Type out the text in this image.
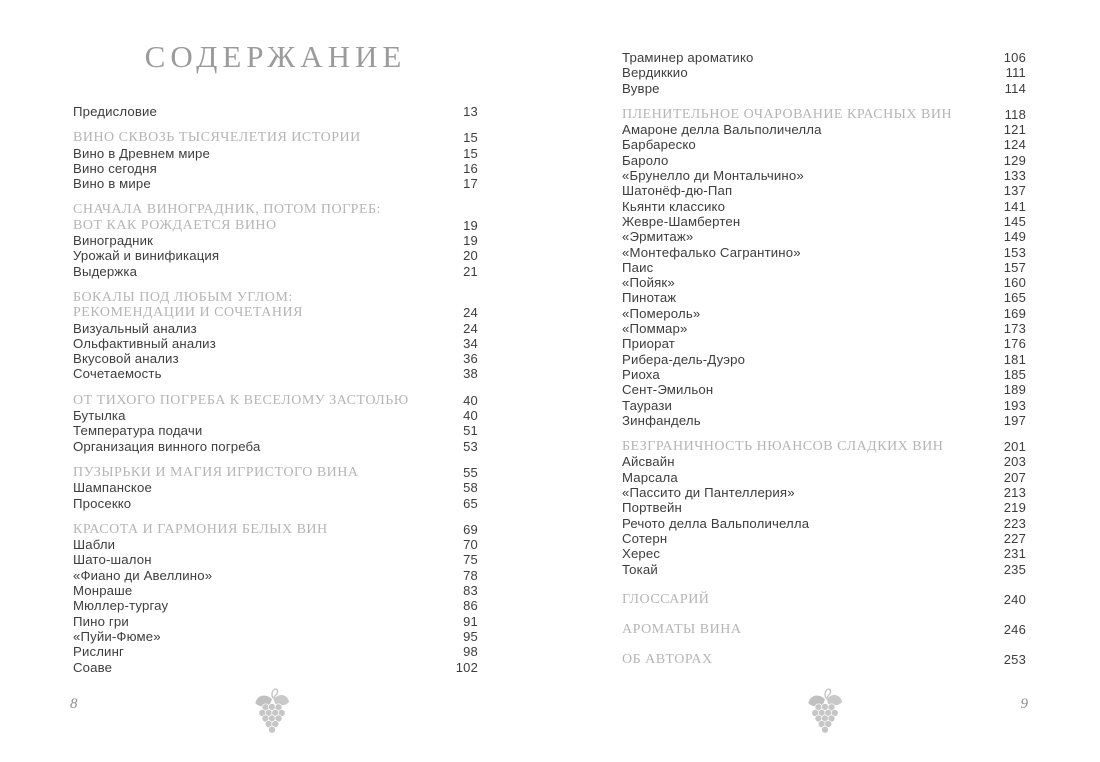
СОДЕРЖАНИЕ
Предисловие	13
ВИНО СКВОЗЬ ТЫСЯЧЕЛЕТИЯ ИСТОРИИ	15
Вино в Древнем мире	15
Вино сегодня	16
Вино в мире	17
СНАЧАЛА ВИНОГРАДНИК, ПОТОМ ПОГРЕБ:
ВОТ КАК РОЖДАЕТСЯ ВИНО	19
Виноградник	19
Урожай и винификация	20
Выдержка	21
БОКАЛЫ ПОД ЛЮБЫМ УГЛОМ:
РЕКОМЕНДАЦИИ И СОЧЕТАНИЯ	24
Визуальный анализ	24
Ольфактивный анализ	34
Вкусовой анализ	36
Сочетаемость	38
ОТ ТИХОГО ПОГРЕБА К ВЕСЕЛОМУ ЗАСТОЛЬЮ	40
Бутылка	40
Температура подачи	51
Организация винного погреба	53
ПУЗЫРЬКИ И МАГИЯ ИГРИСТОГО ВИНА	55
Шампанское	58
Просекко	65
КРАСОТА И ГАРМОНИЯ БЕЛЫХ ВИН	69
Шабли	70
Шато-шалон	75
«Фиано ди Авеллино»	78
Монраше	83
Мюллер-тургау	86
Пино гри	91
«Пуйи-Фюме»	95
Рислинг	98
Соаве	102
Траминер ароматико	106
Вердиккио	111
Вувре	114
ПЛЕНИТЕЛЬНОЕ ОЧАРОВАНИЕ КРАСНЫХ ВИН	118
Амароне делла Вальполичелла	121
Барбареско	124
Бароло	129
«Брунелло ди Монтальчино»	133
Шатонёф-дю-Пап	137
Кьянти классико	141
Жевре-Шамбертен	145
«Эрмитаж»	149
«Монтефалько Сагрантино»	153
Паис	157
«Пойяк»	160
Пинотаж	165
«Помероль»	169
«Поммар»	173
Приорат	176
Рибера-дель-Дуэро	181
Риоха	185
Сент-Эмильон	189
Таурази	193
Зинфандель	197
БЕЗГРАНИЧНОСТЬ НЮАНСОВ СЛАДКИХ ВИН	201
Айсвайн	203
Марсала	207
«Пассито ди Пантеллерия»	213
Портвейн	219
Речото делла Вальполичелла	223
Сотерн	227
Херес	231
Токай	235
ГЛОССАРИЙ	240
АРОМАТЫ ВИНА	246
ОБ АВТОРАХ	253
8	9
